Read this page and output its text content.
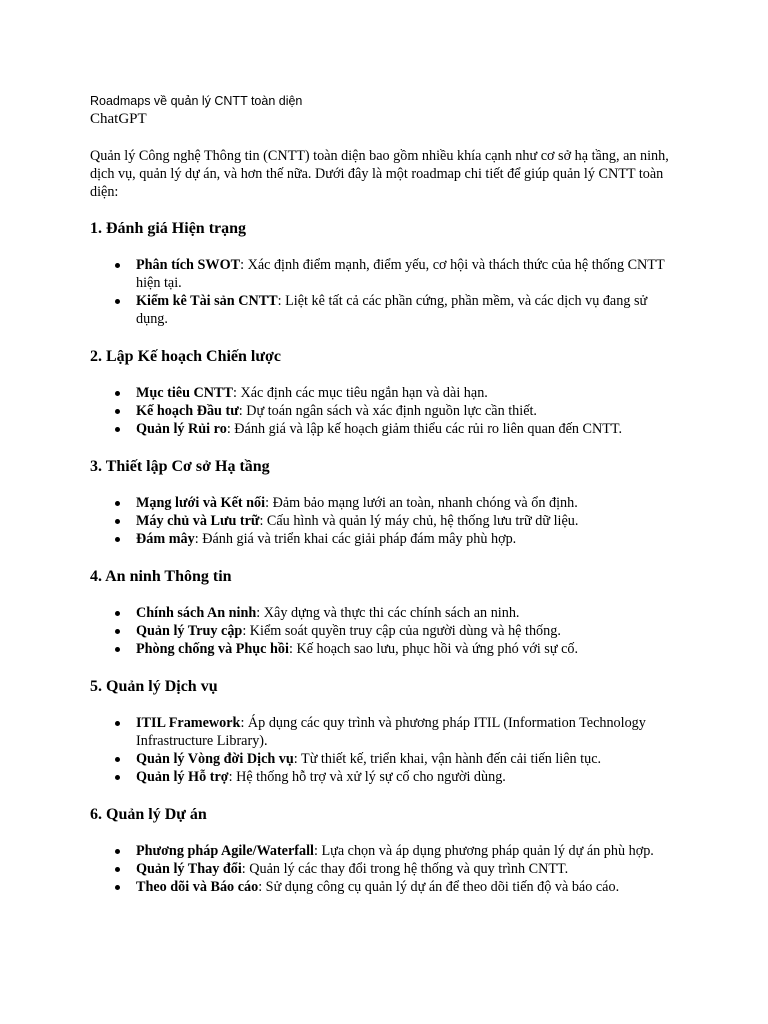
Roadmaps về quản lý CNTT toàn diện
ChatGPT

Quản lý Công nghệ Thông tin (CNTT) toàn diện bao gồm nhiều khía cạnh như cơ sở hạ tầng, an ninh, dịch vụ, quản lý dự án, và hơn thế nữa. Dưới đây là một roadmap chi tiết để giúp quản lý CNTT toàn diện:

1. Đánh giá Hiện trạng
Phân tích SWOT: Xác định điểm mạnh, điểm yếu, cơ hội và thách thức của hệ thống CNTT hiện tại.
Kiểm kê Tài sản CNTT: Liệt kê tất cả các phần cứng, phần mềm, và các dịch vụ đang sử dụng.
2. Lập Kế hoạch Chiến lược
Mục tiêu CNTT: Xác định các mục tiêu ngắn hạn và dài hạn.
Kế hoạch Đầu tư: Dự toán ngân sách và xác định nguồn lực cần thiết.
Quản lý Rủi ro: Đánh giá và lập kế hoạch giảm thiểu các rủi ro liên quan đến CNTT.
3. Thiết lập Cơ sở Hạ tầng
Mạng lưới và Kết nối: Đảm bảo mạng lưới an toàn, nhanh chóng và ổn định.
Máy chủ và Lưu trữ: Cấu hình và quản lý máy chủ, hệ thống lưu trữ dữ liệu.
Đám mây: Đánh giá và triển khai các giải pháp đám mây phù hợp.
4. An ninh Thông tin
Chính sách An ninh: Xây dựng và thực thi các chính sách an ninh.
Quản lý Truy cập: Kiểm soát quyền truy cập của người dùng và hệ thống.
Phòng chống và Phục hồi: Kế hoạch sao lưu, phục hồi và ứng phó với sự cố.
5. Quản lý Dịch vụ
ITIL Framework: Áp dụng các quy trình và phương pháp ITIL (Information Technology Infrastructure Library).
Quản lý Vòng đời Dịch vụ: Từ thiết kế, triển khai, vận hành đến cải tiến liên tục.
Quản lý Hỗ trợ: Hệ thống hỗ trợ và xử lý sự cố cho người dùng.
6. Quản lý Dự án
Phương pháp Agile/Waterfall: Lựa chọn và áp dụng phương pháp quản lý dự án phù hợp.
Quản lý Thay đổi: Quản lý các thay đổi trong hệ thống và quy trình CNTT.
Theo dõi và Báo cáo: Sử dụng công cụ quản lý dự án để theo dõi tiến độ và báo cáo.
